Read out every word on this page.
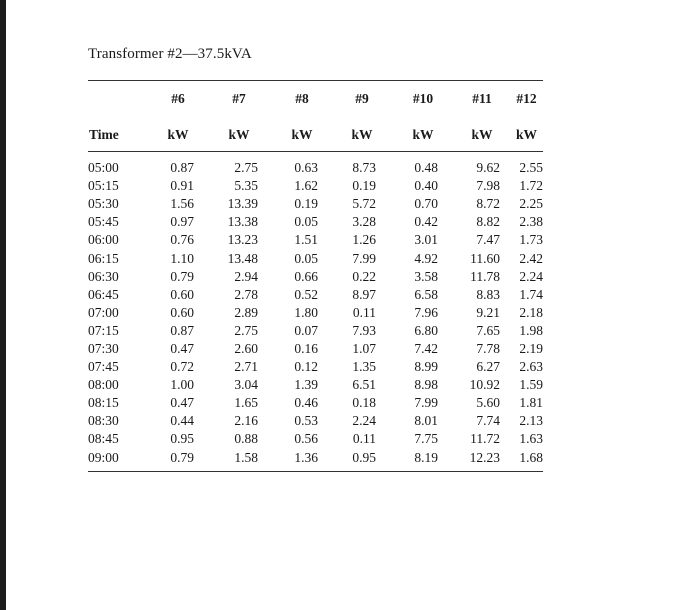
Transformer #2—37.5kVA
	#6	#7	#8	#9	#10	#11	#12
Time	kW	kW	kW	kW	kW	kW	kW
05:00	0.87	2.75	0.63	8.73	0.48	9.62	2.55
05:15	0.91	5.35	1.62	0.19	0.40	7.98	1.72
05:30	1.56	13.39	0.19	5.72	0.70	8.72	2.25
05:45	0.97	13.38	0.05	3.28	0.42	8.82	2.38
06:00	0.76	13.23	1.51	1.26	3.01	7.47	1.73
06:15	1.10	13.48	0.05	7.99	4.92	11.60	2.42
06:30	0.79	2.94	0.66	0.22	3.58	11.78	2.24
06:45	0.60	2.78	0.52	8.97	6.58	8.83	1.74
07:00	0.60	2.89	1.80	0.11	7.96	9.21	2.18
07:15	0.87	2.75	0.07	7.93	6.80	7.65	1.98
07:30	0.47	2.60	0.16	1.07	7.42	7.78	2.19
07:45	0.72	2.71	0.12	1.35	8.99	6.27	2.63
08:00	1.00	3.04	1.39	6.51	8.98	10.92	1.59
08:15	0.47	1.65	0.46	0.18	7.99	5.60	1.81
08:30	0.44	2.16	0.53	2.24	8.01	7.74	2.13
08:45	0.95	0.88	0.56	0.11	7.75	11.72	1.63
09:00	0.79	1.58	1.36	0.95	8.19	12.23	1.68
